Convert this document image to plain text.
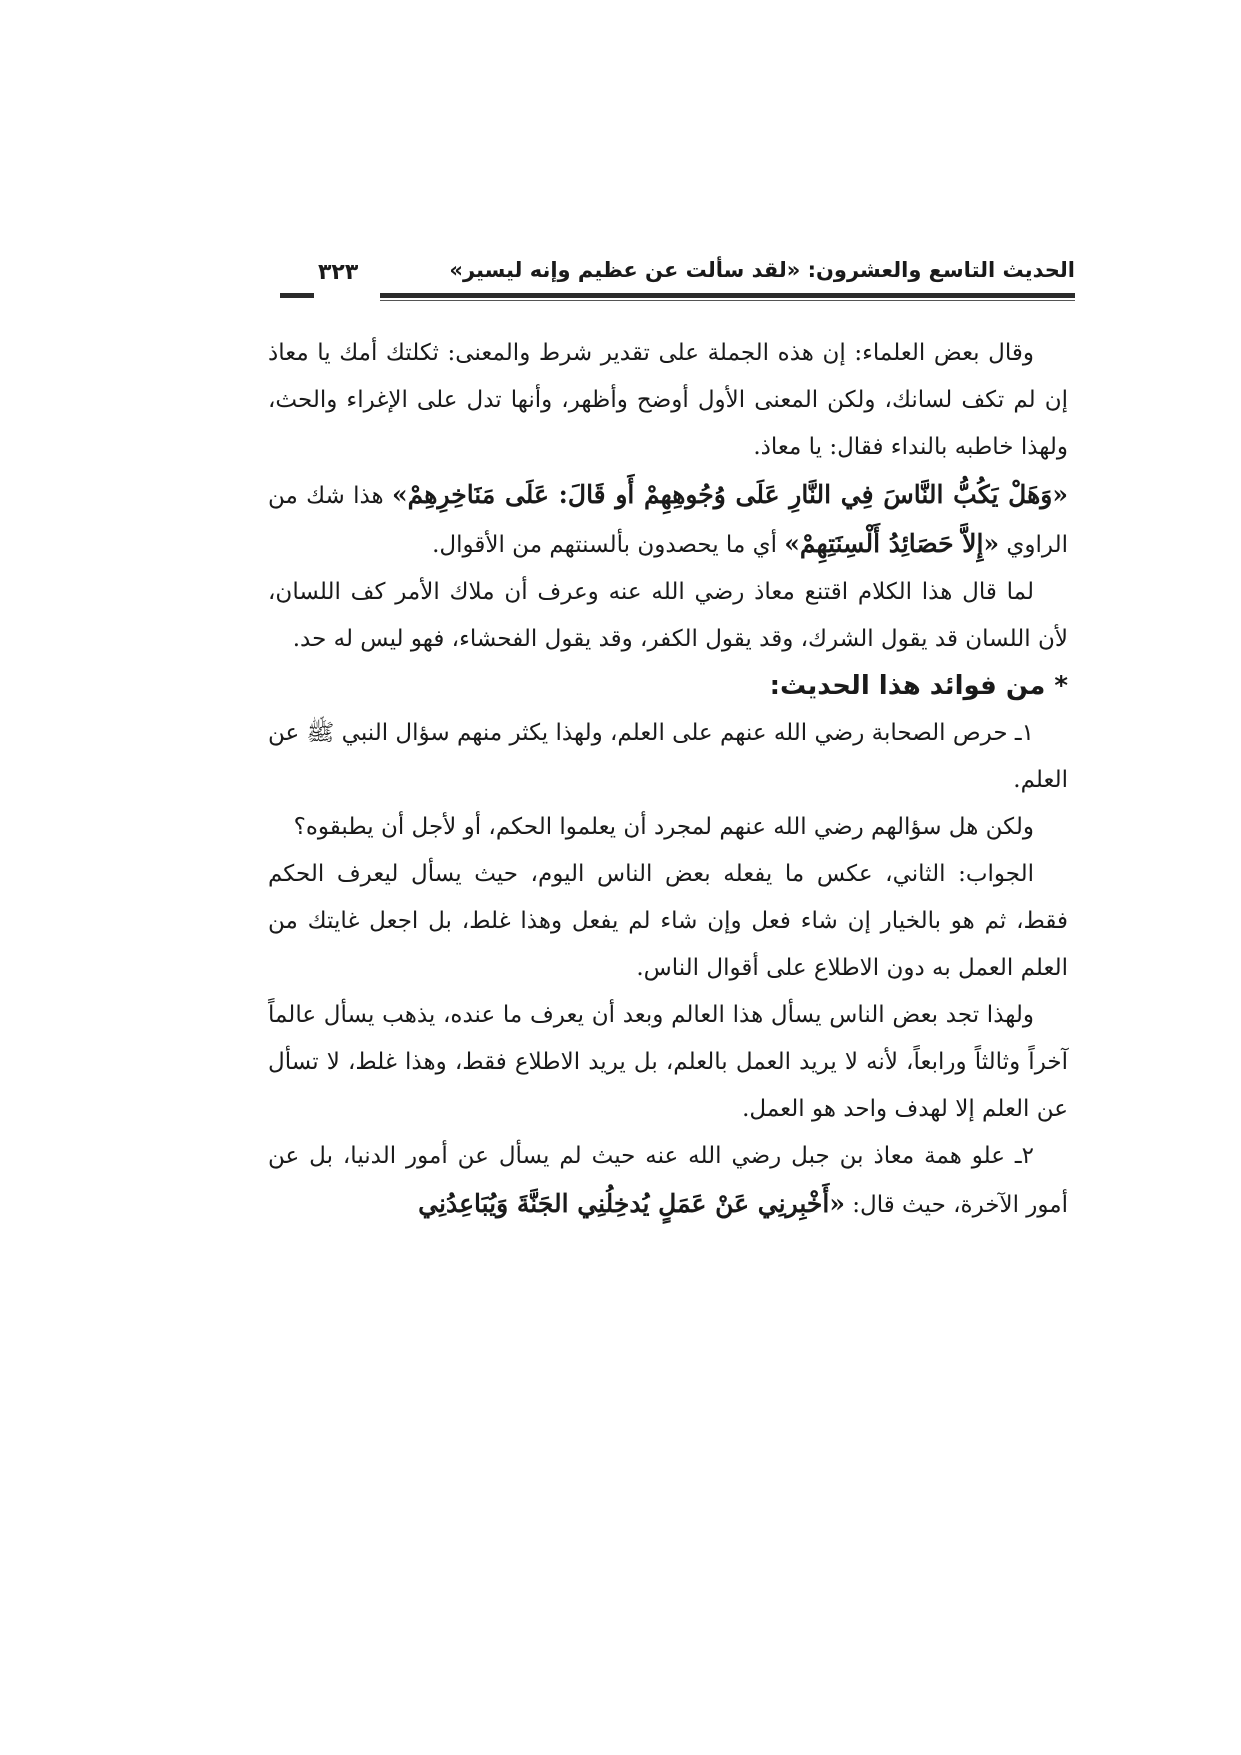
الحديث التاسع والعشرون: «لقد سألت عن عظيم وإنه ليسير»
٣٢٣

وقال بعض العلماء: إن هذه الجملة على تقدير شرط والمعنى: ثكلتك أمك يا معاذ إن لم تكف لسانك، ولكن المعنى الأول أوضح وأظهر، وأنها تدل على الإغراء والحث، ولهذا خاطبه بالنداء فقال: يا معاذ.

«وَهَلْ يَكُبُّ النَّاسَ فِي النَّارِ عَلَى وُجُوهِهِمْ أَو قَالَ: عَلَى مَنَاخِرِهِمْ» هذا شك من الراوي «إِلاَّ حَصَائِدُ أَلْسِنَتِهِمْ» أي ما يحصدون بألسنتهم من الأقوال.

لما قال هذا الكلام اقتنع معاذ رضي الله عنه وعرف أن ملاك الأمر كف اللسان، لأن اللسان قد يقول الشرك، وقد يقول الكفر، وقد يقول الفحشاء، فهو ليس له حد.

* من فوائد هذا الحديث:

١ـ حرص الصحابة رضي الله عنهم على العلم، ولهذا يكثر منهم سؤال النبي ﷺ عن العلم.

ولكن هل سؤالهم رضي الله عنهم لمجرد أن يعلموا الحكم، أو لأجل أن يطبقوه؟

الجواب: الثاني، عكس ما يفعله بعض الناس اليوم، حيث يسأل ليعرف الحكم فقط، ثم هو بالخيار إن شاء فعل وإن شاء لم يفعل وهذا غلط، بل اجعل غايتك من العلم العمل به دون الاطلاع على أقوال الناس.

ولهذا تجد بعض الناس يسأل هذا العالم وبعد أن يعرف ما عنده، يذهب يسأل عالماً آخراً وثالثاً ورابعاً، لأنه لا يريد العمل بالعلم، بل يريد الاطلاع فقط، وهذا غلط، لا تسأل عن العلم إلا لهدف واحد هو العمل.

٢ـ علو همة معاذ بن جبل رضي الله عنه حيث لم يسأل عن أمور الدنيا، بل عن أمور الآخرة، حيث قال: «أَخْبِرنِي عَنْ عَمَلٍ يُدخِلُنِي الجَنَّةَ وَيُبَاعِدُنِي
